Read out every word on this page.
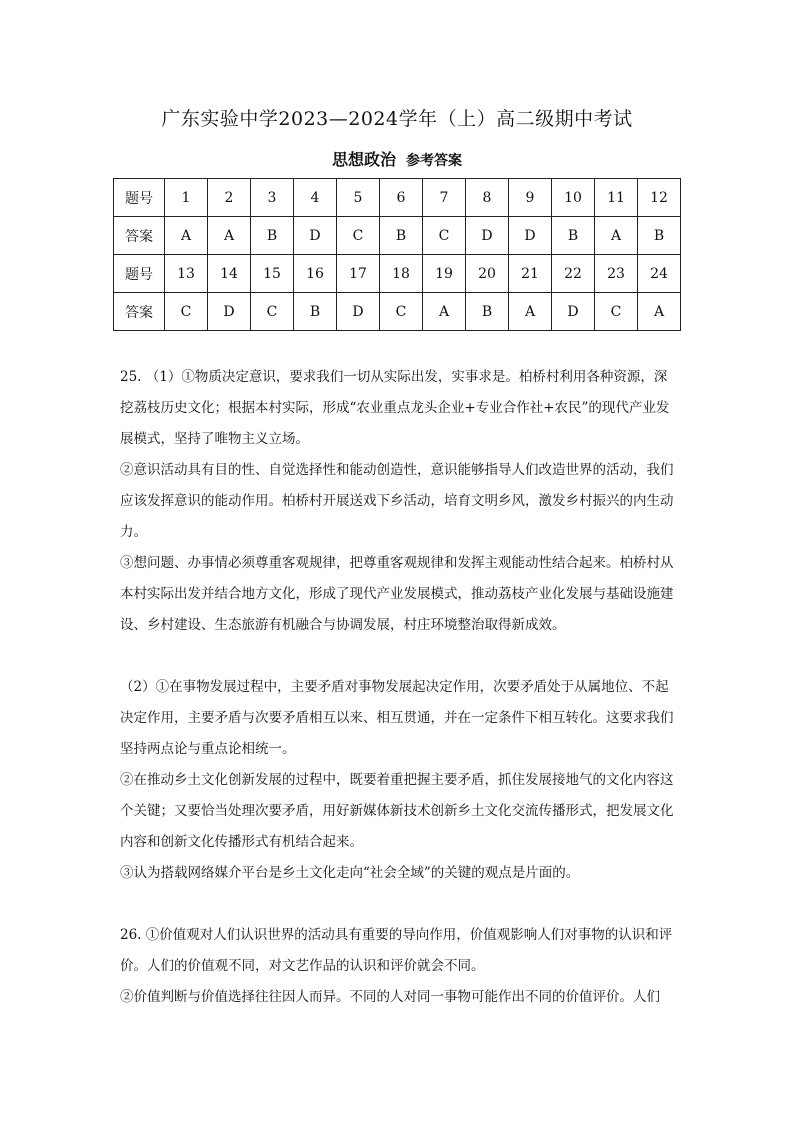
广东实验中学2023—2024学年（上）高二级期中考试
思想政治 参考答案
题号	1	2	3	4	5	6	7	8	9	10	11	12
答案	A	A	B	D	C	B	C	D	D	B	A	B
题号	13	14	15	16	17	18	19	20	21	22	23	24
答案	C	D	C	B	D	C	A	B	A	D	C	A

25. （1）①物质决定意识，要求我们一切从实际出发，实事求是。柏桥村利用各种资源，深挖荔枝历史文化；根据本村实际，形成“农业重点龙头企业+专业合作社+农民”的现代产业发展模式，坚持了唯物主义立场。

②意识活动具有目的性、自觉选择性和能动创造性，意识能够指导人们改造世界的活动，我们应该发挥意识的能动作用。柏桥村开展送戏下乡活动，培育文明乡风，激发乡村振兴的内生动力。

③想问题、办事情必须尊重客观规律，把尊重客观规律和发挥主观能动性结合起来。柏桥村从本村实际出发并结合地方文化，形成了现代产业发展模式，推动荔枝产业化发展与基础设施建设、乡村建设、生态旅游有机融合与协调发展，村庄环境整治取得新成效。

（2）①在事物发展过程中，主要矛盾对事物发展起决定作用，次要矛盾处于从属地位、不起决定作用，主要矛盾与次要矛盾相互以来、相互贯通，并在一定条件下相互转化。这要求我们坚持两点论与重点论相统一。

②在推动乡土文化创新发展的过程中，既要着重把握主要矛盾，抓住发展接地气的文化内容这个关键；又要恰当处理次要矛盾，用好新媒体新技术创新乡土文化交流传播形式，把发展文化内容和创新文化传播形式有机结合起来。

③认为搭载网络媒介平台是乡土文化走向“社会全域”的关键的观点是片面的。

26. ①价值观对人们认识世界的活动具有重要的导向作用，价值观影响人们对事物的认识和评价。人们的价值观不同，对文艺作品的认识和评价就会不同。

②价值判断与价值选择往往因人而异。不同的人对同一事物可能作出不同的价值评价。人们
